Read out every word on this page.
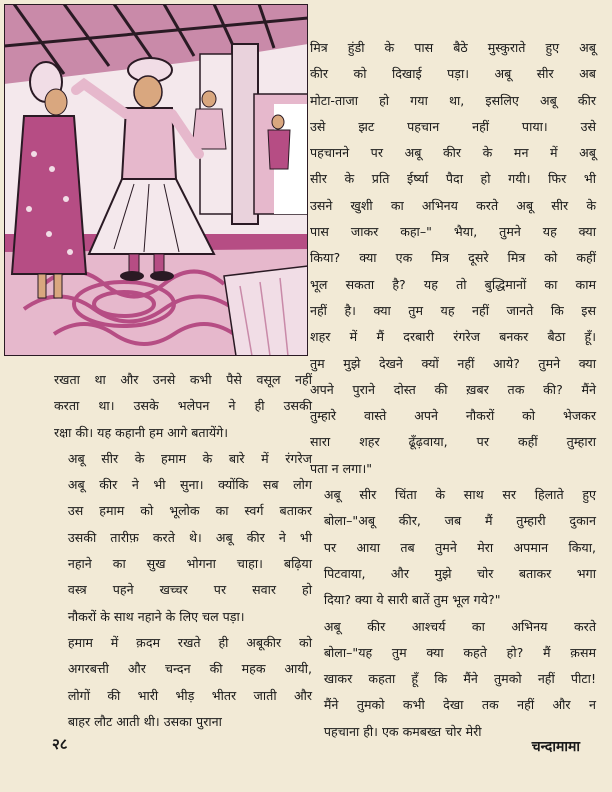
मित्र हुंडी के पास बैठे मुस्कुराते हुए अबू
कीर को दिखाई पड़ा। अबू सीर अब
मोटा-ताजा हो गया था, इसलिए अबू कीर
उसे झट पहचान नहीं पाया। उसे
पहचानने पर अबू कीर के मन में अबू
सीर के प्रति ईर्ष्या पैदा हो गयी। फिर भी
उसने खुशी का अभिनय करते अबू सीर के
पास जाकर कहा–" भैया, तुमने यह क्या
किया? क्या एक मित्र दूसरे मित्र को कहीं
भूल सकता है? यह तो बुद्धिमानों का काम
नहीं है। क्या तुम यह नहीं जानते कि इस
शहर में मैं दरबारी रंगरेज बनकर बैठा हूँ।
तुम मुझे देखने क्यों नहीं आये? तुमने क्या
अपने पुराने दोस्त की ख़बर तक की? मैंने
तुम्हारे वास्ते अपने नौकरों को भेजकर
सारा शहर ढूँढ़वाया, पर कहीं तुम्हारा
पता न लगा।"

अबू सीर चिंता के साथ सर हिलाते हुए
बोला–"अबू कीर, जब मैं तुम्हारी दुकान
पर आया तब तुमने मेरा अपमान किया,
पिटवाया, और मुझे चोर बताकर भगा
दिया? क्या ये सारी बातें तुम भूल गये?"

अबू कीर आश्चर्य का अभिनय करते
बोला–"यह तुम क्या कहते हो? मैं क़सम
खाकर कहता हूँ कि मैंने तुमको नहीं पीटा!
मैंने तुमको कभी देखा तक नहीं और न
पहचाना ही। एक कमबख्त चोर मेरी

रखता था और उनसे कभी पैसे वसूल नहीं
करता था। उसके भलेपन ने ही उसकी
रक्षा की। यह कहानी हम आगे बतायेंगे।

अबू सीर के हमाम के बारे में रंगरेज
अबू कीर ने भी सुना। क्योंकि सब लोग
उस हमाम को भूलोक का स्वर्ग बताकर
उसकी तारीफ़ करते थे। अबू कीर ने भी
नहाने का सुख भोगना चाहा। बढ़िया
वस्त्र पहने खच्चर पर सवार हो
नौकरों के साथ नहाने के लिए चल पड़ा।

हमाम में क़दम रखते ही अबूकीर को
अगरबत्ती और चन्दन की महक आयी,
लोगों की भारी भीड़ भीतर जाती और
बाहर लौट आती थी। उसका पुराना

२८	चन्दामामा
